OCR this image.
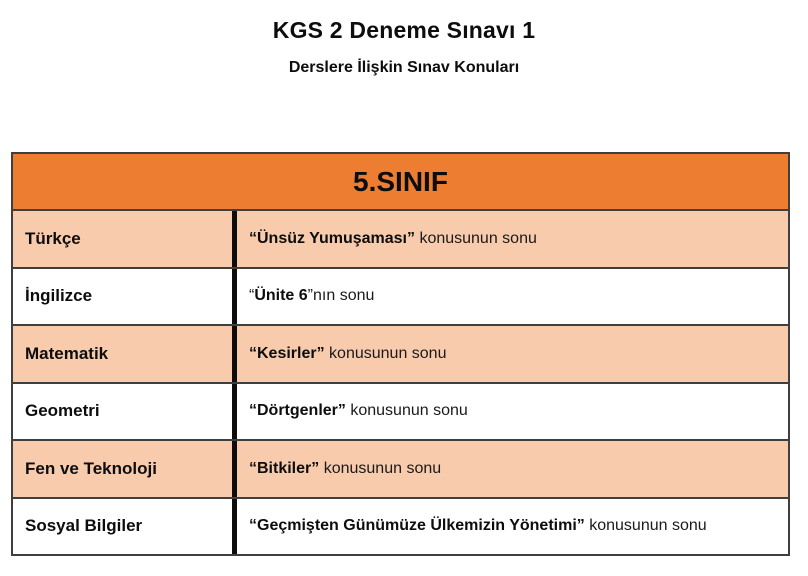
KGS 2 Deneme Sınavı 1
Derslere İlişkin Sınav Konuları
5.SINIF
Türkçe	“Ünsüz Yumuşaması” konusunun sonu
İngilizce	“ Ünite 6 ”nın sonu
Matematik	“Kesirler” konusunun sonu
Geometri	“Dörtgenler” konusunun sonu
Fen ve Teknoloji	“Bitkiler” konusunun sonu
Sosyal Bilgiler	“Geçmişten Günümüze Ülkemizin Yönetimi” konusunun sonu
